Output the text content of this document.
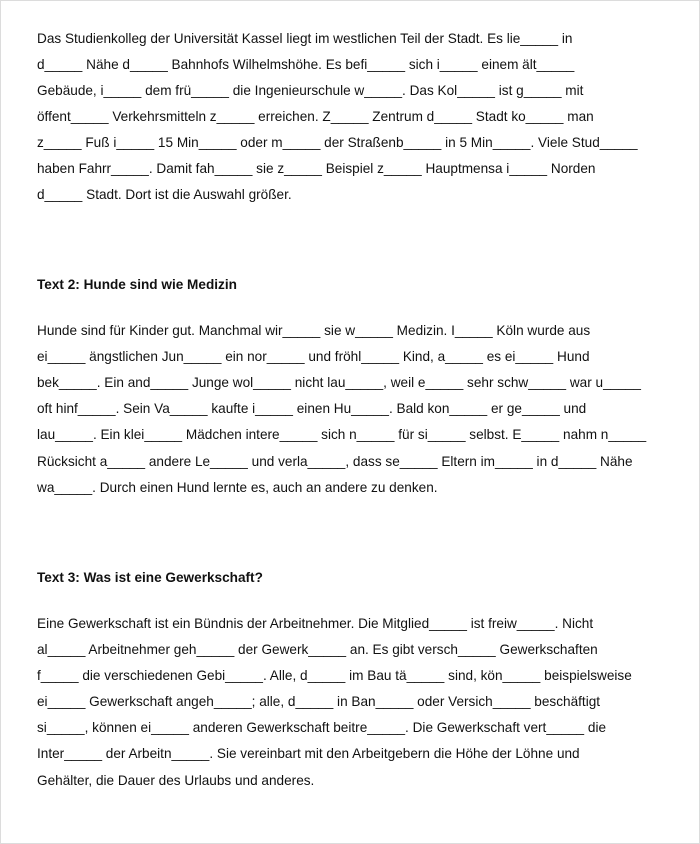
Das Studienkolleg der Universität Kassel liegt im westlichen Teil der Stadt. Es lie_____ in
d_____ Nähe d_____ Bahnhofs Wilhelmshöhe. Es befi_____ sich i_____ einem ält_____
Gebäude, i_____ dem frü_____ die Ingenieurschule w_____. Das Kol_____ ist g_____ mit
öffent_____ Verkehrsmitteln z_____ erreichen. Z_____ Zentrum d_____ Stadt ko_____ man
z_____ Fuß i_____ 15 Min_____ oder m_____ der Straßenb_____ in 5 Min_____. Viele Stud_____
haben Fahrr_____. Damit fah_____ sie z_____ Beispiel z_____ Hauptmensa i_____ Norden
d_____ Stadt. Dort ist die Auswahl größer.
Text 2: Hunde sind wie Medizin
Hunde sind für Kinder gut. Manchmal wir_____ sie w_____ Medizin. I_____ Köln wurde aus
ei_____ ängstlichen Jun_____ ein nor_____ und fröhl_____ Kind, a_____ es ei_____ Hund
bek_____. Ein and_____ Junge wol_____ nicht lau_____, weil e_____ sehr schw_____ war u_____
oft hinf_____. Sein Va_____ kaufte i_____ einen Hu_____. Bald kon_____ er ge_____ und
lau_____. Ein klei_____ Mädchen intere_____ sich n_____ für si_____ selbst. E_____ nahm n_____
Rücksicht a_____ andere Le_____ und verla_____, dass se_____ Eltern im_____ in d_____ Nähe
wa_____. Durch einen Hund lernte es, auch an andere zu denken.
Text 3: Was ist eine Gewerkschaft?
Eine Gewerkschaft ist ein Bündnis der Arbeitnehmer. Die Mitglied_____ ist freiw_____. Nicht
al_____ Arbeitnehmer geh_____ der Gewerk_____ an. Es gibt versch_____ Gewerkschaften
f_____ die verschiedenen Gebi_____. Alle, d_____ im Bau tä_____ sind, kön_____ beispielsweise
ei_____ Gewerkschaft angeh_____; alle, d_____ in Ban_____ oder Versich_____ beschäftigt
si_____, können ei_____ anderen Gewerkschaft beitre_____. Die Gewerkschaft vert_____ die
Inter_____ der Arbeitn_____. Sie vereinbart mit den Arbeitgebern die Höhe der Löhne und
Gehälter, die Dauer des Urlaubs und anderes.
